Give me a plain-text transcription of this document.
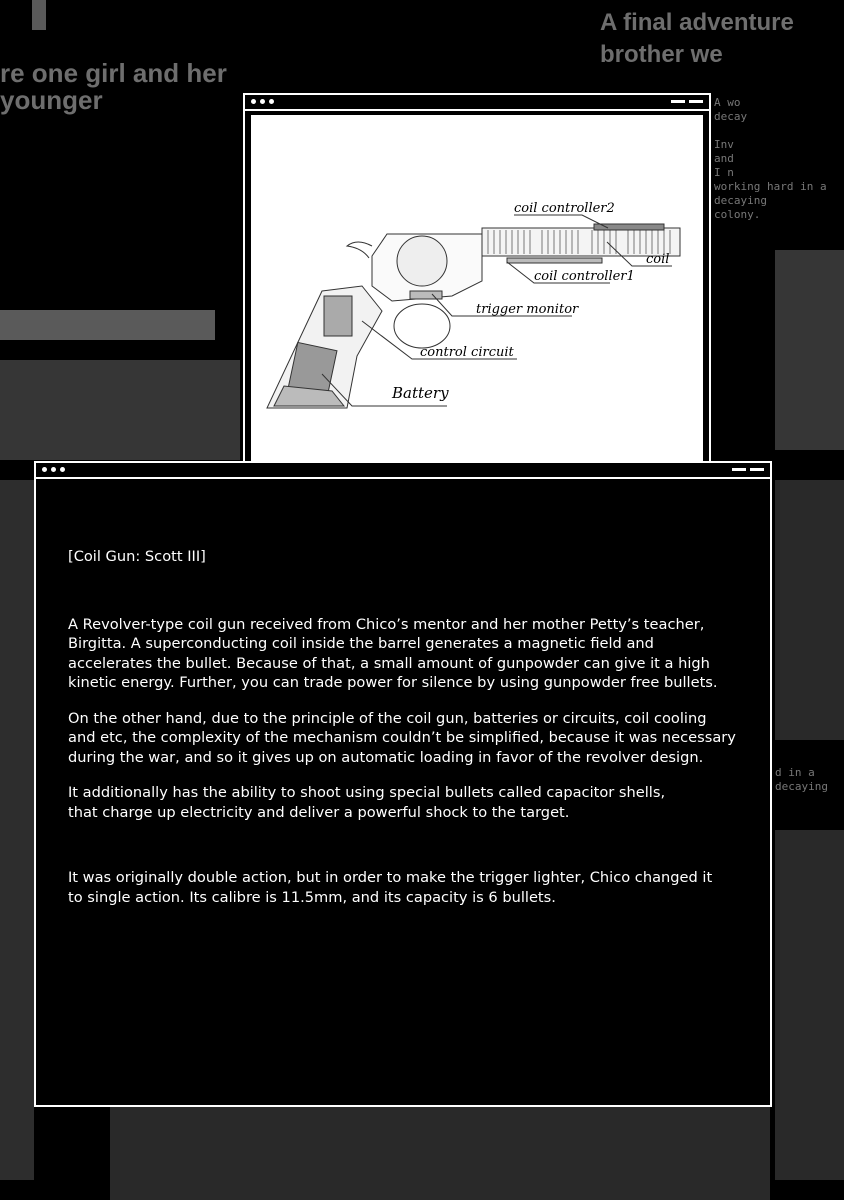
re one girl and her younger
A final adventure
brother we
A wo
decay

Inv
and
I n
working hard in a decaying
colony.
d in a decaying
coil controller2
coil
coil controller1
trigger monitor
control circuit
Battery

[Coil Gun: Scott III]

A Revolver-type coil gun received from Chico’s mentor and her mother Petty’s teacher, Birgitta. A superconducting coil inside the barrel generates a magnetic field and accelerates the bullet. Because of that, a small amount of gunpowder can give it a high kinetic energy. Further, you can trade power for silence by using gunpowder free bullets.

On the other hand, due to the principle of the coil gun, batteries or circuits, coil cooling and etc, the complexity of the mechanism couldn’t be simplified, because it was necessary during the war, and so it gives up on automatic loading in favor of the revolver design.

It additionally has the ability to shoot using special bullets called capacitor shells, that charge up electricity and deliver a powerful shock to the target.

It was originally double action, but in order to make the trigger lighter, Chico changed it to single action. Its calibre is 11.5mm, and its capacity is 6 bullets.
